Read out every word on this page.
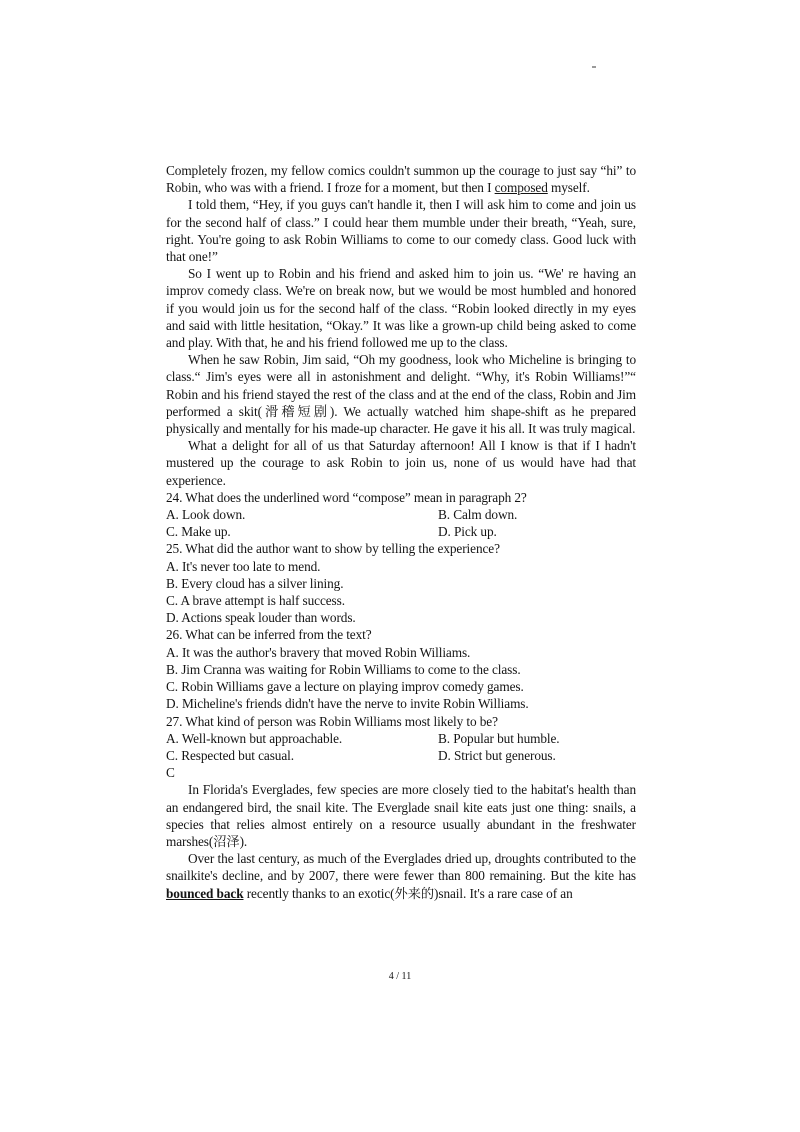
Completely frozen, my fellow comics couldn't summon up the courage to just say “hi” to Robin, who was with a friend. I froze for a moment, but then I composed myself.

I told them, “Hey, if you guys can't handle it, then I will ask him to come and join us for the second half of class.” I could hear them mumble under their breath, “Yeah, sure, right. You're going to ask Robin Williams to come to our comedy class. Good luck with that one!”

So I went up to Robin and his friend and asked him to join us. “We' re having an improv comedy class. We're on break now, but we would be most humbled and honored if you would join us for the second half of the class. “Robin looked directly in my eyes and said with little hesitation, “Okay.” It was like a grown-up child being asked to come and play. With that, he and his friend followed me up to the class.

When he saw Robin, Jim said, “Oh my goodness, look who Micheline is bringing to class.“ Jim's eyes were all in astonishment and delight. “Why, it's Robin Williams!”“ Robin and his friend stayed the rest of the class and at the end of the class, Robin and Jim performed a skit(滑稽短剧). We actually watched him shape-shift as he prepared physically and mentally for his made-up character. He gave it his all. It was truly magical.

What a delight for all of us that Saturday afternoon! All I know is that if I hadn't mustered up the courage to ask Robin to join us, none of us would have had that experience.

24. What does the underlined word “compose” mean in paragraph 2?

A. Look down.	B. Calm down.
C. Make up.	D. Pick up.

25. What did the author want to show by telling the experience?

A. It's never too late to mend.

B. Every cloud has a silver lining.

C. A brave attempt is half success.

D. Actions speak louder than words.

26. What can be inferred from the text?

A. It was the author's bravery that moved Robin Williams.

B. Jim Cranna was waiting for Robin Williams to come to the class.

C. Robin Williams gave a lecture on playing improv comedy games.

D. Micheline's friends didn't have the nerve to invite Robin Williams.

27. What kind of person was Robin Williams most likely to be?

A. Well-known but approachable.	B. Popular but humble.
C. Respected but casual.	D. Strict but generous.

C

In Florida's Everglades, few species are more closely tied to the habitat's health than an endangered bird, the snail kite. The Everglade snail kite eats just one thing: snails, a species that relies almost entirely on a resource usually abundant in the freshwater marshes(沼泽).

Over the last century, as much of the Everglades dried up, droughts contributed to the snailkite's decline, and by 2007, there were fewer than 800 remaining. But the kite has bounced back recently thanks to an exotic(外来的)snail. It's a rare case of an

4 / 11
